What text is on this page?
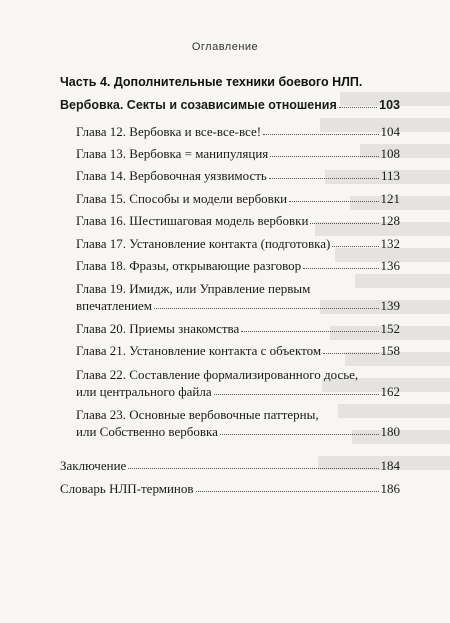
Оглавление
Часть 4. Дополнительные техники боевого НЛП.
Вербовка. Секты и созависимые отношения	103
Глава 12. Вербовка и все-все-все!	104
Глава 13. Вербовка = манипуляция	108
Глава 14. Вербовочная уязвимость	113
Глава 15. Способы и модели вербовки	121
Глава 16. Шестишаговая модель вербовки	128
Глава 17. Установление контакта (подготовка)	132
Глава 18. Фразы, открывающие разговор	136
Глава 19. Имидж, или Управление первым
впечатлением	139
Глава 20. Приемы знакомства	152
Глава 21. Установление контакта с объектом	158
Глава 22. Составление формализированного досье,
или центрального файла	162
Глава 23. Основные вербовочные паттерны,
или Собственно вербовка	180
Заключение	184
Словарь НЛП-терминов	186
